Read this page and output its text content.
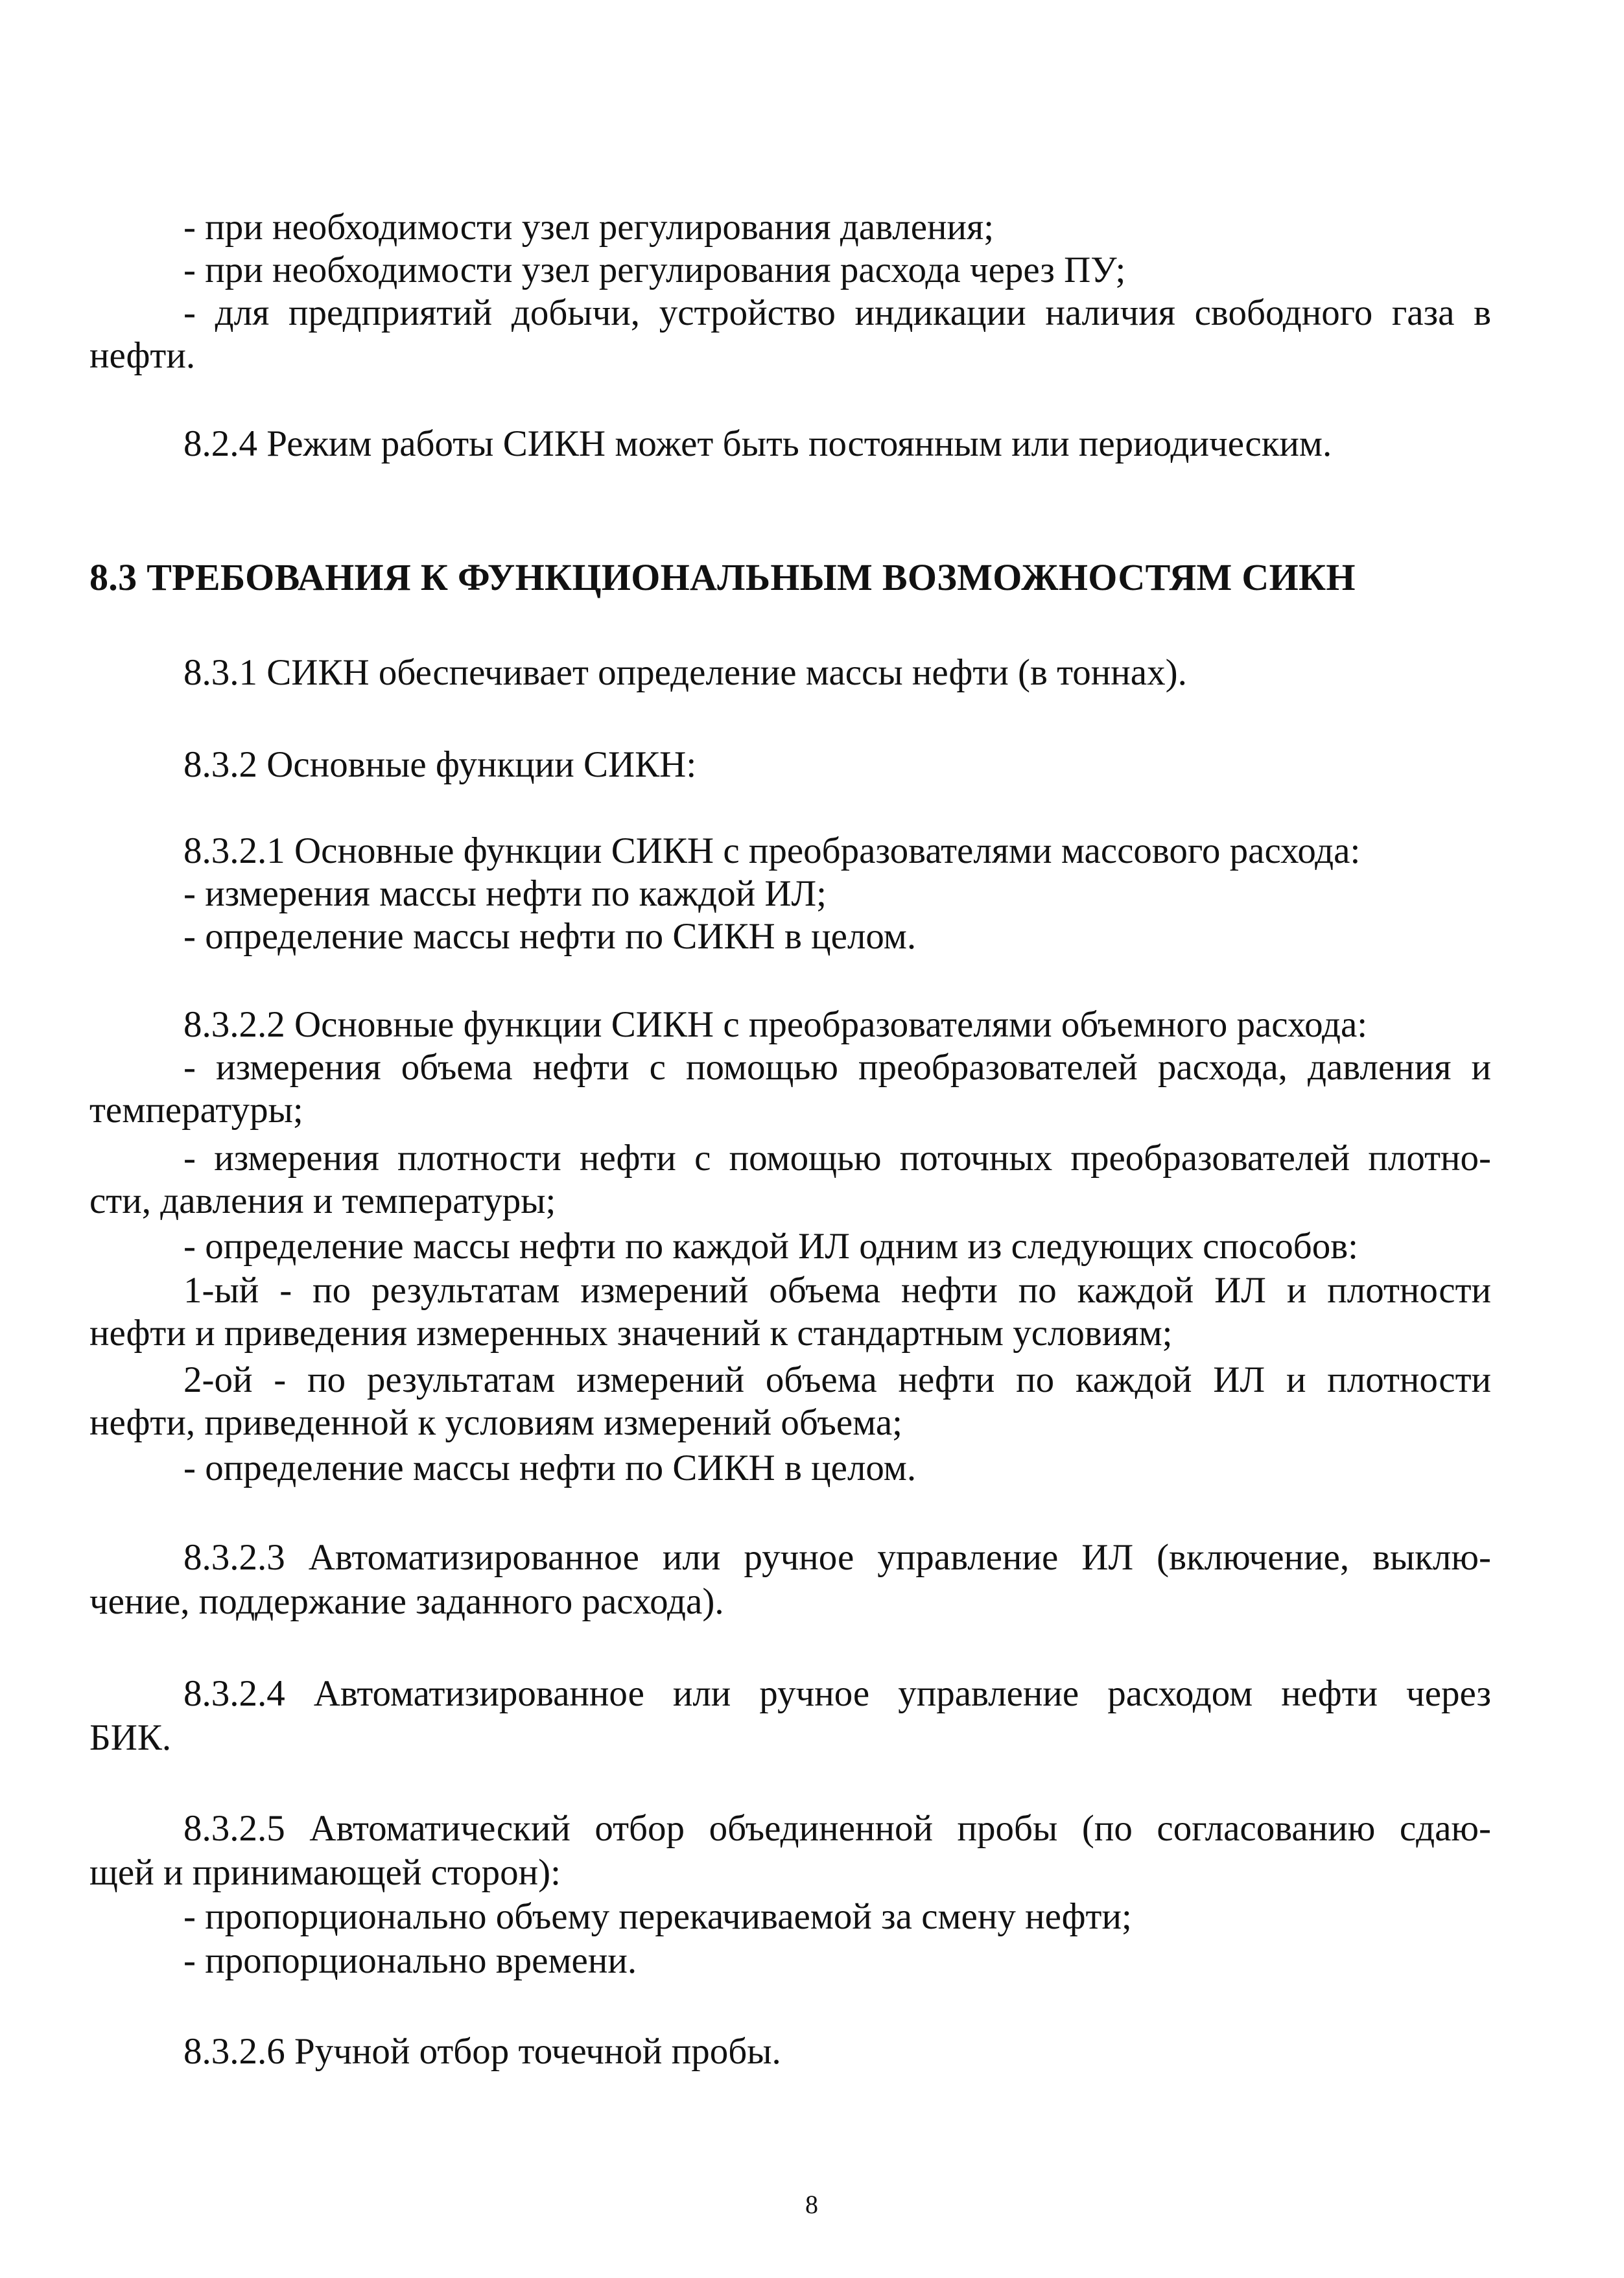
- при необходимости узел регулирования давления;
- при необходимости узел регулирования расхода через ПУ;
- для предприятий добычи, устройство индикации наличия свободного газа в
нефти.
8.2.4 Режим работы СИКН может быть постоянным или периодическим.
8.3 ТРЕБОВАНИЯ К ФУНКЦИОНАЛЬНЫМ ВОЗМОЖНОСТЯМ СИКН
8.3.1 СИКН обеспечивает определение массы нефти (в тоннах).
8.3.2 Основные функции СИКН:
8.3.2.1 Основные функции СИКН с преобразователями массового расхода:
- измерения массы нефти по каждой ИЛ;
- определение массы нефти по СИКН в целом.
8.3.2.2 Основные функции СИКН с преобразователями объемного расхода:
- измерения объема нефти с помощью преобразователей расхода, давления и
температуры;
- измерения плотности нефти с помощью поточных преобразователей плотно-
сти, давления и температуры;
- определение массы нефти по каждой ИЛ одним из следующих способов:
1-ый - по результатам измерений объема нефти по каждой ИЛ и плотности
нефти и приведения измеренных значений к стандартным условиям;
2-ой - по результатам измерений объема нефти по каждой ИЛ и плотности
нефти, приведенной к условиям измерений объема;
- определение массы нефти по СИКН в целом.
8.3.2.3 Автоматизированное или ручное управление ИЛ (включение, выклю-
чение, поддержание заданного расхода).
8.3.2.4 Автоматизированное или ручное управление расходом нефти через
БИК.
8.3.2.5 Автоматический отбор объединенной пробы (по согласованию сдаю-
щей и принимающей сторон):
- пропорционально объему перекачиваемой за смену нефти;
- пропорционально времени.
8.3.2.6 Ручной отбор точечной пробы.
8
